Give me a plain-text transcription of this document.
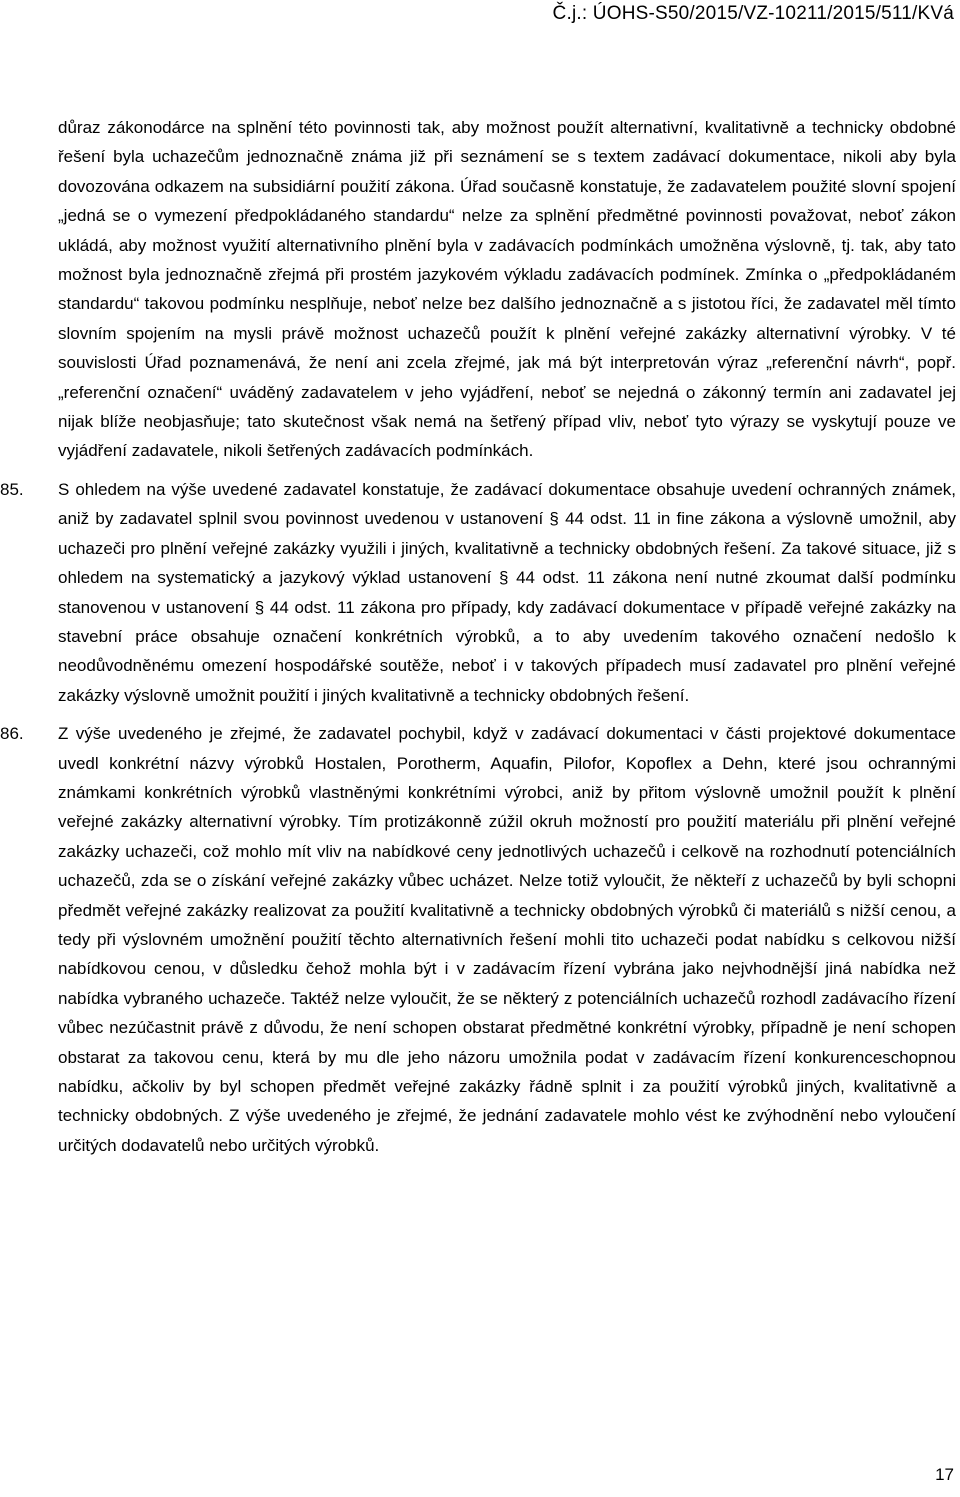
Č.j.: ÚOHS-S50/2015/VZ-10211/2015/511/KVá

důraz zákonodárce na splnění této povinnosti tak, aby možnost použít alternativní, kvalitativně a technicky obdobné řešení byla uchazečům jednoznačně známa již při seznámení se s textem zadávací dokumentace, nikoli aby byla dovozována odkazem na subsidiární použití zákona. Úřad současně konstatuje, že zadavatelem použité slovní spojení „jedná se o vymezení předpokládaného standardu“ nelze za splnění předmětné povinnosti považovat, neboť zákon ukládá, aby možnost využití alternativního plnění byla v zadávacích podmínkách umožněna výslovně, tj. tak, aby tato možnost byla jednoznačně zřejmá při prostém jazykovém výkladu zadávacích podmínek. Zmínka o „předpokládaném standardu“ takovou podmínku nesplňuje, neboť nelze bez dalšího jednoznačně a s jistotou říci, že zadavatel měl tímto slovním spojením na mysli právě možnost uchazečů použít k plnění veřejné zakázky alternativní výrobky. V té souvislosti Úřad poznamenává, že není ani zcela zřejmé, jak má být interpretován výraz „referenční návrh“, popř. „referenční označení“ uváděný zadavatelem v jeho vyjádření, neboť se nejedná o zákonný termín ani zadavatel jej nijak blíže neobjasňuje; tato skutečnost však nemá na šetřený případ vliv, neboť tyto výrazy se vyskytují pouze ve vyjádření zadavatele, nikoli šetřených zadávacích podmínkách.

85.	S ohledem na výše uvedené zadavatel konstatuje, že zadávací dokumentace obsahuje uvedení ochranných známek, aniž by zadavatel splnil svou povinnost uvedenou v ustanovení § 44 odst. 11 in fine zákona a výslovně umožnil, aby uchazeči pro plnění veřejné zakázky využili i jiných, kvalitativně a technicky obdobných řešení. Za takové situace, již s ohledem na systematický a jazykový výklad ustanovení § 44 odst. 11 zákona není nutné zkoumat další podmínku stanovenou v ustanovení § 44 odst. 11 zákona pro případy, kdy zadávací dokumentace v případě veřejné zakázky na stavební práce obsahuje označení konkrétních výrobků, a to aby uvedením takového označení nedošlo k neodůvodněnému omezení hospodářské soutěže, neboť i v takových případech musí zadavatel pro plnění veřejné zakázky výslovně umožnit použití i jiných kvalitativně a technicky obdobných řešení.
86.	Z výše uvedeného je zřejmé, že zadavatel pochybil, když v zadávací dokumentaci v části projektové dokumentace uvedl konkrétní názvy výrobků Hostalen, Porotherm, Aquafin, Pilofor, Kopoflex a Dehn, které jsou ochrannými známkami konkrétních výrobků vlastněnými konkrétními výrobci, aniž by přitom výslovně umožnil použít k plnění veřejné zakázky alternativní výrobky. Tím protizákonně zúžil okruh možností pro použití materiálu při plnění veřejné zakázky uchazeči, což mohlo mít vliv na nabídkové ceny jednotlivých uchazečů i celkově na rozhodnutí potenciálních uchazečů, zda se o získání veřejné zakázky vůbec ucházet. Nelze totiž vyloučit, že někteří z uchazečů by byli schopni předmět veřejné zakázky realizovat za použití kvalitativně a technicky obdobných výrobků či materiálů s nižší cenou, a tedy při výslovném umožnění použití těchto alternativních řešení mohli tito uchazeči podat nabídku s celkovou nižší nabídkovou cenou, v důsledku čehož mohla být i v zadávacím řízení vybrána jako nejvhodnější jiná nabídka než nabídka vybraného uchazeče. Taktéž nelze vyloučit, že se některý z potenciálních uchazečů rozhodl zadávacího řízení vůbec nezúčastnit právě z důvodu, že není schopen obstarat předmětné konkrétní výrobky, případně je není schopen obstarat za takovou cenu, která by mu dle jeho názoru umožnila podat v zadávacím řízení konkurenceschopnou nabídku, ačkoliv by byl schopen předmět veřejné zakázky řádně splnit i za použití výrobků jiných, kvalitativně a technicky obdobných. Z výše uvedeného je zřejmé, že jednání zadavatele mohlo vést ke zvýhodnění nebo vyloučení určitých dodavatelů nebo určitých výrobků.
17
